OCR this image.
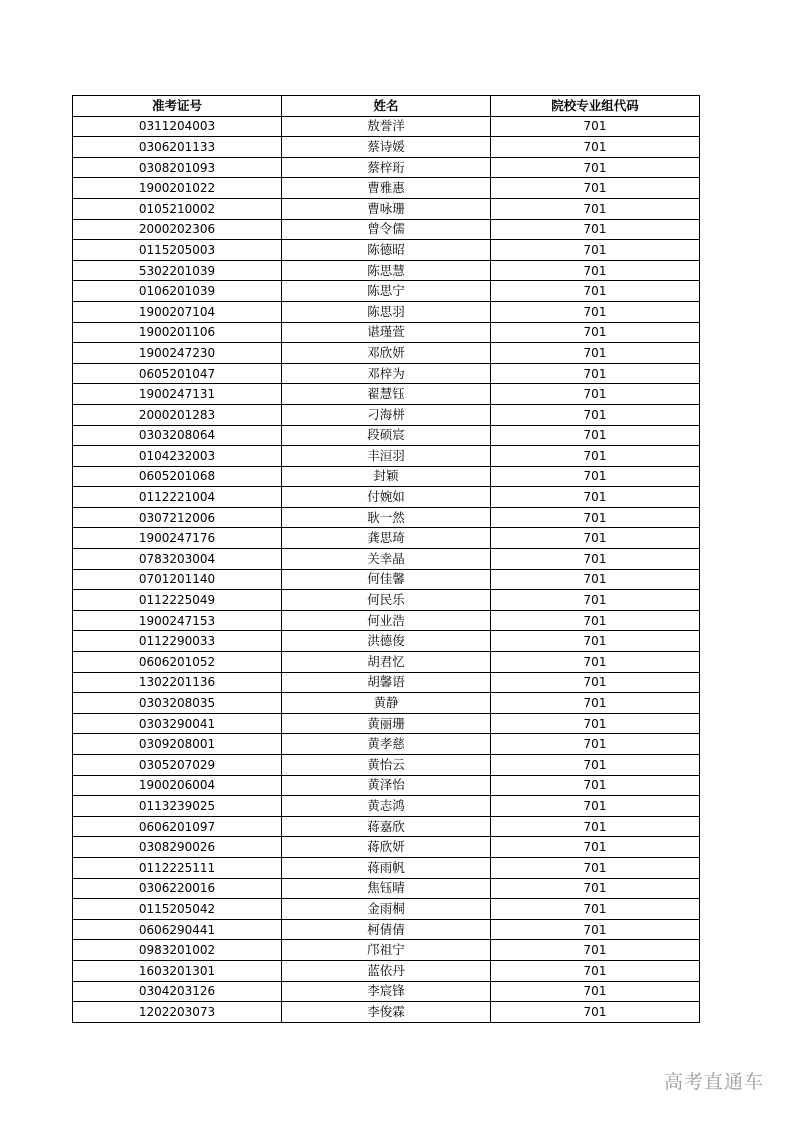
准考证号	姓名	院校专业组代码
0311204003	敖誉洋	701
0306201133	蔡诗媛	701
0308201093	蔡梓珩	701
1900201022	曹雅惠	701
0105210002	曹咏珊	701
2000202306	曾令儒	701
0115205003	陈德昭	701
5302201039	陈思慧	701
0106201039	陈思宁	701
1900207104	陈思羽	701
1900201106	谌瑾萱	701
1900247230	邓欣妍	701
0605201047	邓梓为	701
1900247131	翟慧钰	701
2000201283	刁海栟	701
0303208064	段硕宸	701
0104232003	丰洹羽	701
0605201068	封颖	701
0112221004	付婉如	701
0307212006	耿一然	701
1900247176	龚思琦	701
0783203004	关幸晶	701
0701201140	何佳馨	701
0112225049	何民乐	701
1900247153	何业浩	701
0112290033	洪德俊	701
0606201052	胡君忆	701
1302201136	胡馨语	701
0303208035	黄静	701
0303290041	黄丽珊	701
0309208001	黄孝慈	701
0305207029	黄怡云	701
1900206004	黄泽怡	701
0113239025	黄志鸿	701
0606201097	蒋嘉欣	701
0308290026	蒋欣妍	701
0112225111	蒋雨帆	701
0306220016	焦钰晴	701
0115205042	金雨桐	701
0606290441	柯倩倩	701
0983201002	邝祖宁	701
1603201301	蓝依丹	701
0304203126	李宸锋	701
1202203073	李俊霖	701
高考直通车
